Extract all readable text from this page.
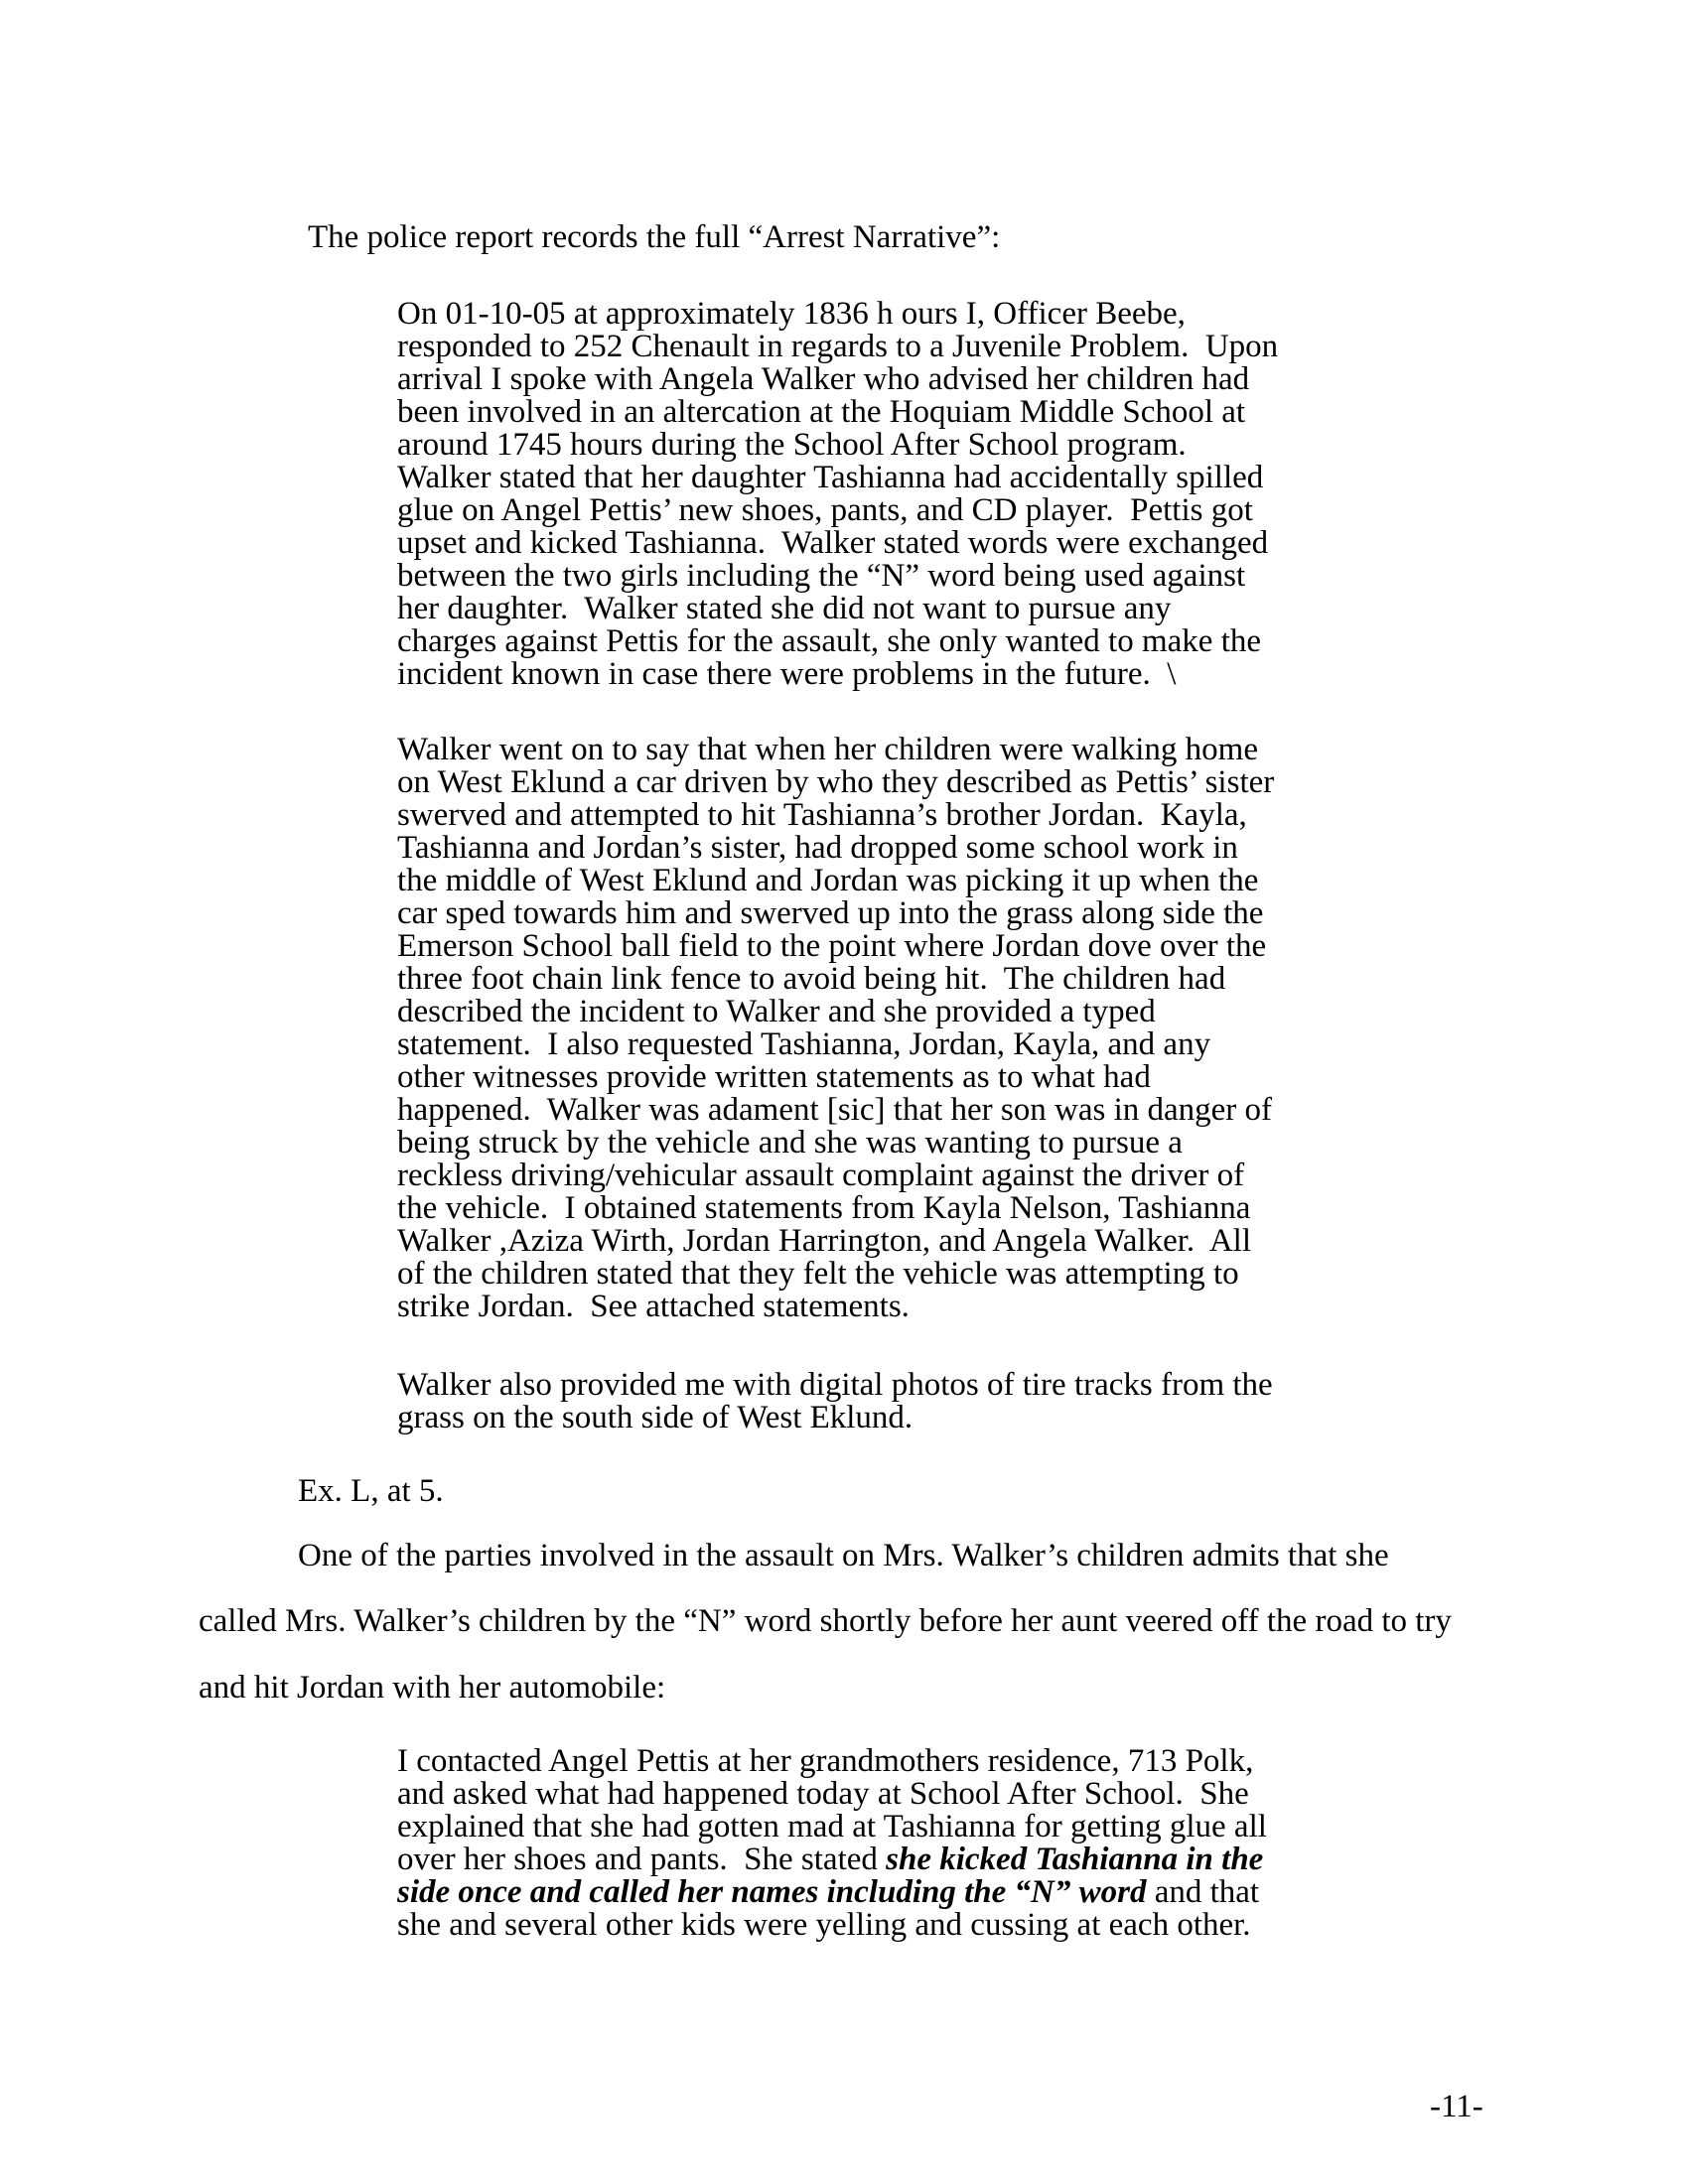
The police report records the full “Arrest Narrative”:

On 01-10-05 at approximately 1836 h ours I, Officer Beebe,

responded to 252 Chenault in regards to a Juvenile Problem.  Upon

arrival I spoke with Angela Walker who advised her children had

been involved in an altercation at the Hoquiam Middle School at

around 1745 hours during the School After School program.

Walker stated that her daughter Tashianna had accidentally spilled

glue on Angel Pettis’ new shoes, pants, and CD player.  Pettis got

upset and kicked Tashianna.  Walker stated words were exchanged

between the two girls including the “N” word being used against

her daughter.  Walker stated she did not want to pursue any

charges against Pettis for the assault, she only wanted to make the

incident known in case there were problems in the future.  \

Walker went on to say that when her children were walking home

on West Eklund a car driven by who they described as Pettis’ sister

swerved and attempted to hit Tashianna’s brother Jordan.  Kayla,

Tashianna and Jordan’s sister, had dropped some school work in

the middle of West Eklund and Jordan was picking it up when the

car sped towards him and swerved up into the grass along side the

Emerson School ball field to the point where Jordan dove over the

three foot chain link fence to avoid being hit.  The children had

described the incident to Walker and she provided a typed

statement.  I also requested Tashianna, Jordan, Kayla, and any

other witnesses provide written statements as to what had

happened.  Walker was adament [sic] that her son was in danger of

being struck by the vehicle and she was wanting to pursue a

reckless driving/vehicular assault complaint against the driver of

the vehicle.  I obtained statements from Kayla Nelson, Tashianna

Walker ,Aziza Wirth, Jordan Harrington, and Angela Walker.  All

of the children stated that they felt the vehicle was attempting to

strike Jordan.  See attached statements.

Walker also provided me with digital photos of tire tracks from the

grass on the south side of West Eklund.

Ex. L, at 5.

One of the parties involved in the assault on Mrs. Walker’s children admits that she

called Mrs. Walker’s children by the “N” word shortly before her aunt veered off the road to try

and hit Jordan with her automobile:

I contacted Angel Pettis at her grandmothers residence, 713 Polk,

and asked what had happened today at School After School.  She

explained that she had gotten mad at Tashianna for getting glue all

over her shoes and pants.  She stated she kicked Tashianna in the

side once and called her names including the “N” word and that

she and several other kids were yelling and cussing at each other.

-11-
